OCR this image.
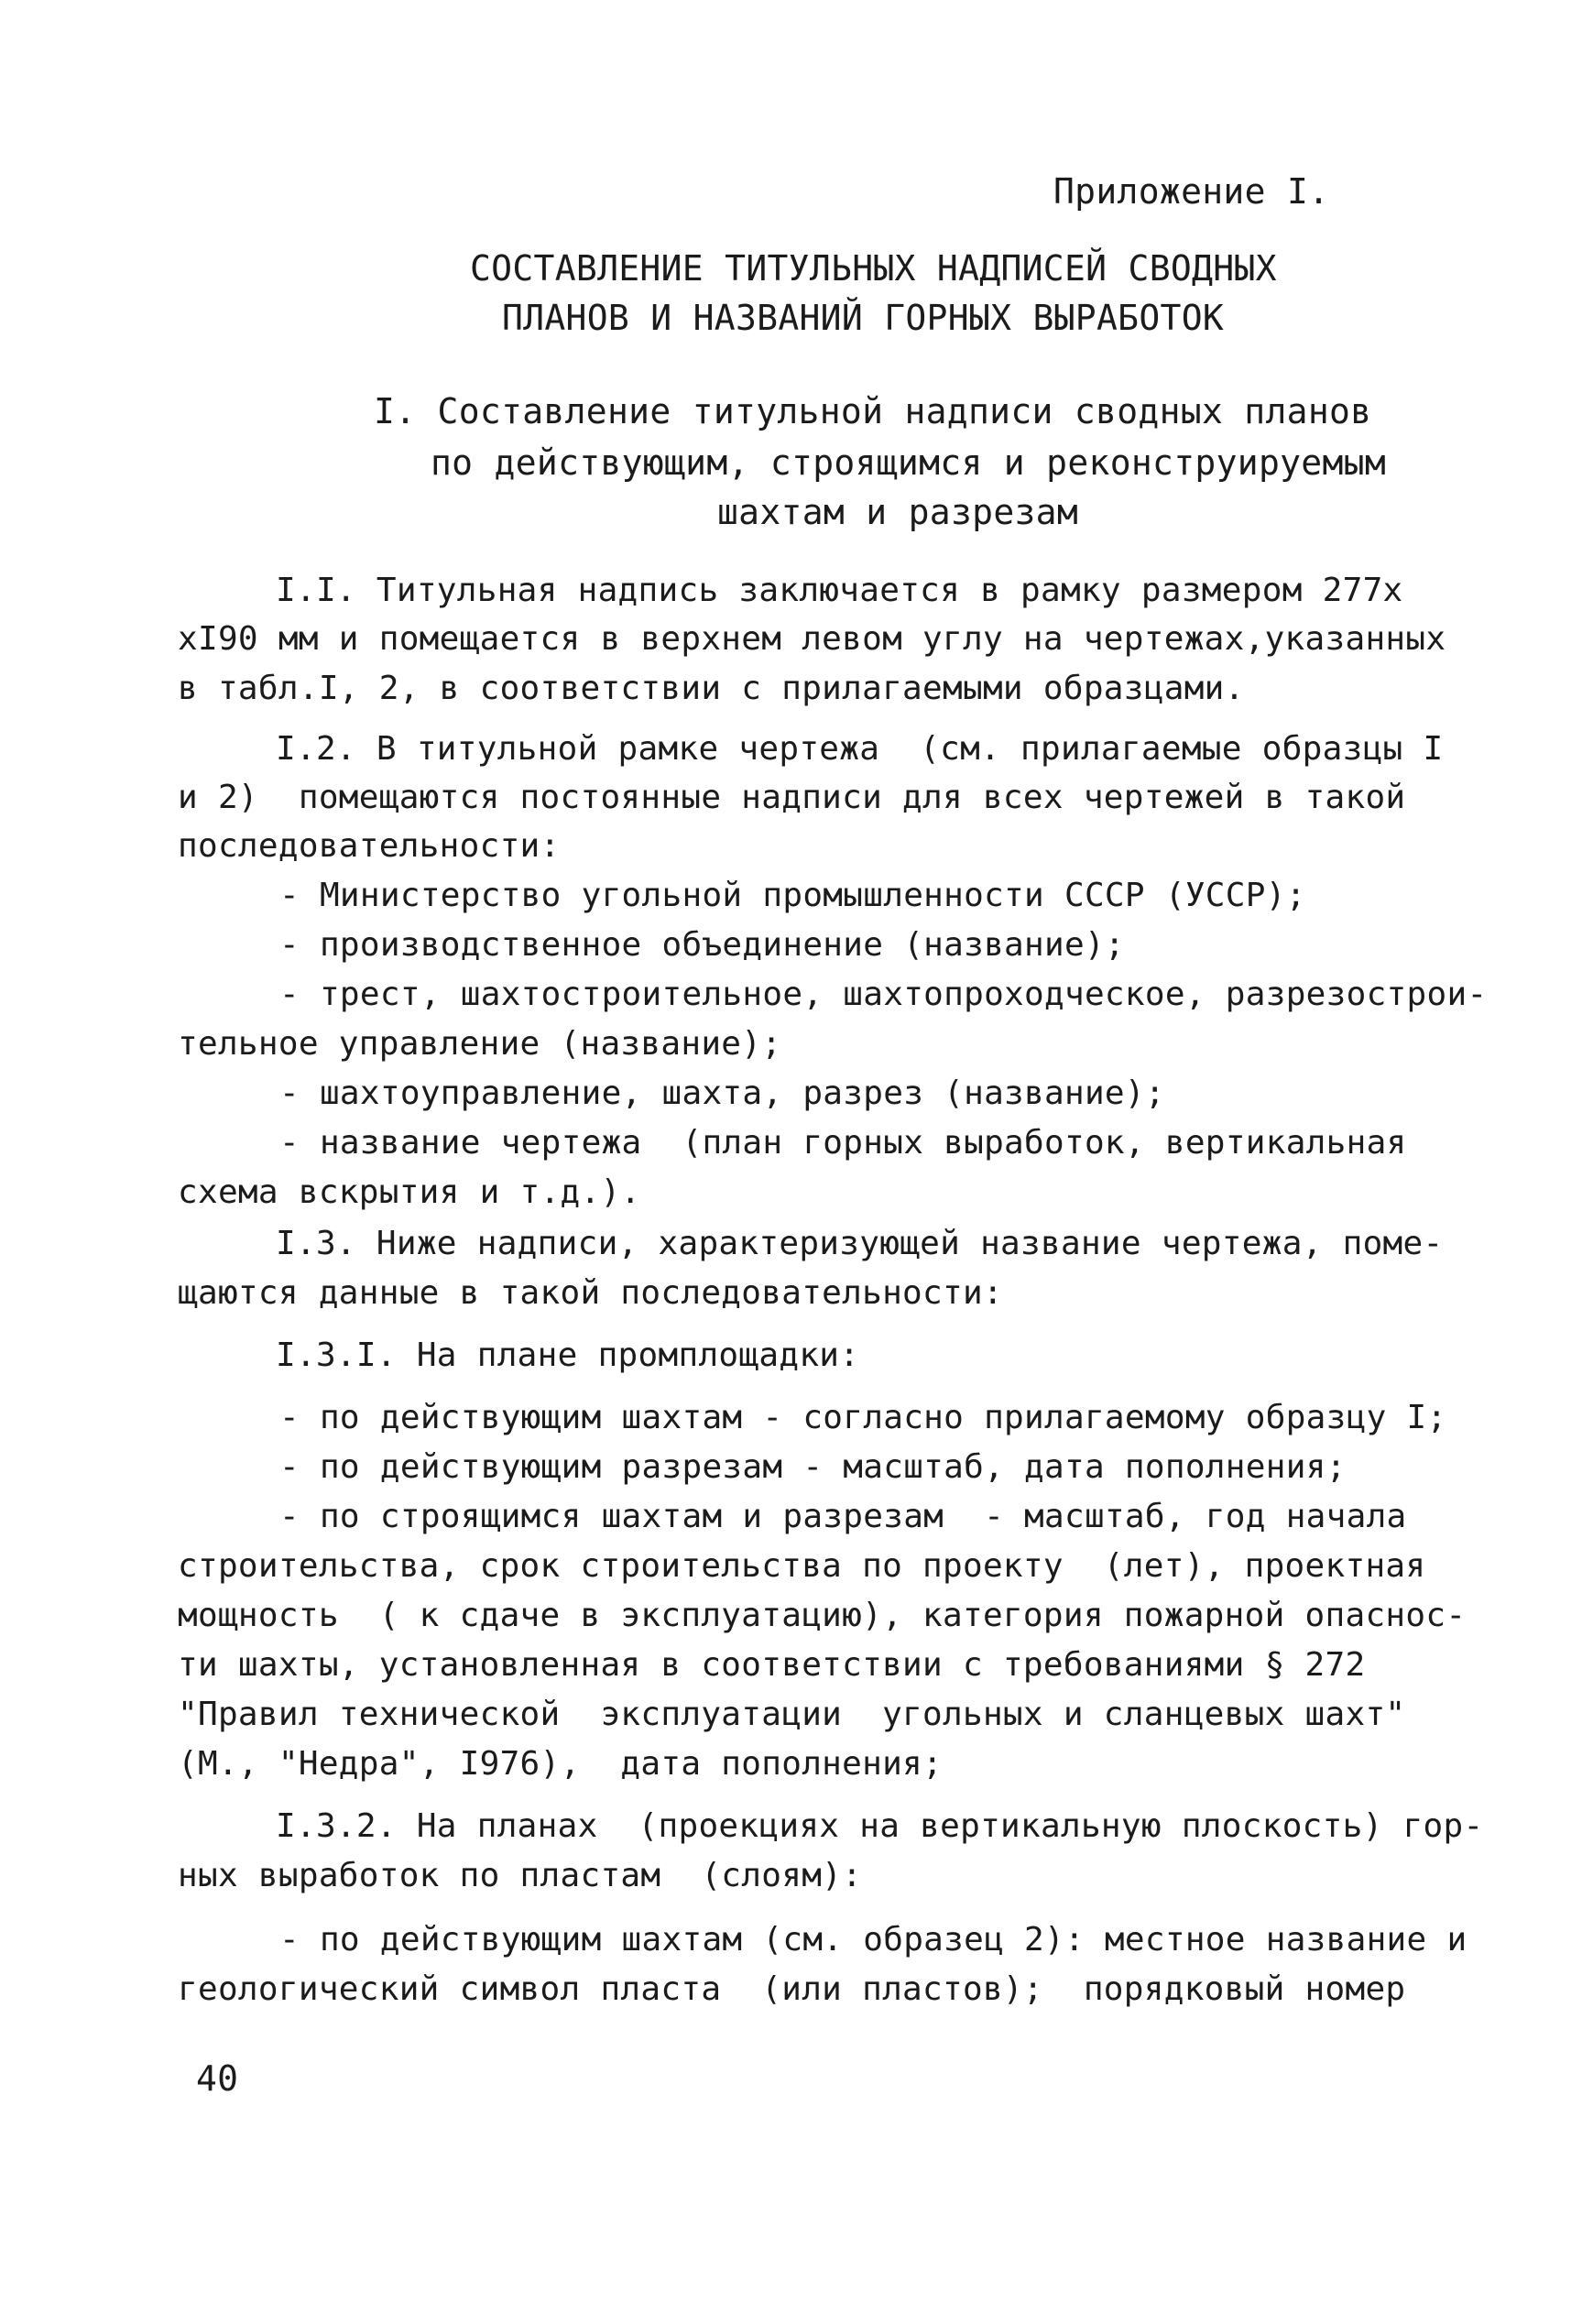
Приложение I.
СОСТАВЛЕНИЕ ТИТУЛЬНЫХ НАДПИСЕЙ СВОДНЫХ
ПЛАНОВ И НАЗВАНИЙ ГОРНЫХ ВЫРАБОТОК
I. Составление титульной надписи сводных планов
по действующим, строящимся и реконструируемым
шахтам и разрезам
I.I. Титульная надпись заключается в рамку размером 277х
хI90 мм и помещается в верхнем левом углу на чертежах,указанных
в табл.I, 2, в соответствии с прилагаемыми образцами.
I.2. В титульной рамке чертежа  (см. прилагаемые образцы I
и 2)  помещаются постоянные надписи для всех чертежей в такой
последовательности:
- Министерство угольной промышленности СССР (УССР);
- производственное объединение (название);
- трест, шахтостроительное, шахтопроходческое, разрезострои-
тельное управление (название);
- шахтоуправление, шахта, разрез (название);
- название чертежа  (план горных выработок, вертикальная
схема вскрытия и т.д.).
I.3. Ниже надписи, характеризующей название чертежа, поме-
щаются данные в такой последовательности:
I.3.I. На плане промплощадки:
- по действующим шахтам - согласно прилагаемому образцу I;
- по действующим разрезам - масштаб, дата пополнения;
- по строящимся шахтам и разрезам  - масштаб, год начала
строительства, срок строительства по проекту  (лет), проектная
мощность  ( к сдаче в эксплуатацию), категория пожарной опаснос-
ти шахты, установленная в соответствии с требованиями § 272
"Правил технической  эксплуатации  угольных и сланцевых шахт"
(М., "Недра", I976),  дата пополнения;
I.3.2. На планах  (проекциях на вертикальную плоскость) гор-
ных выработок по пластам  (слоям):
- по действующим шахтам (см. образец 2): местное название и
геологический символ пласта  (или пластов);  порядковый номер
40
